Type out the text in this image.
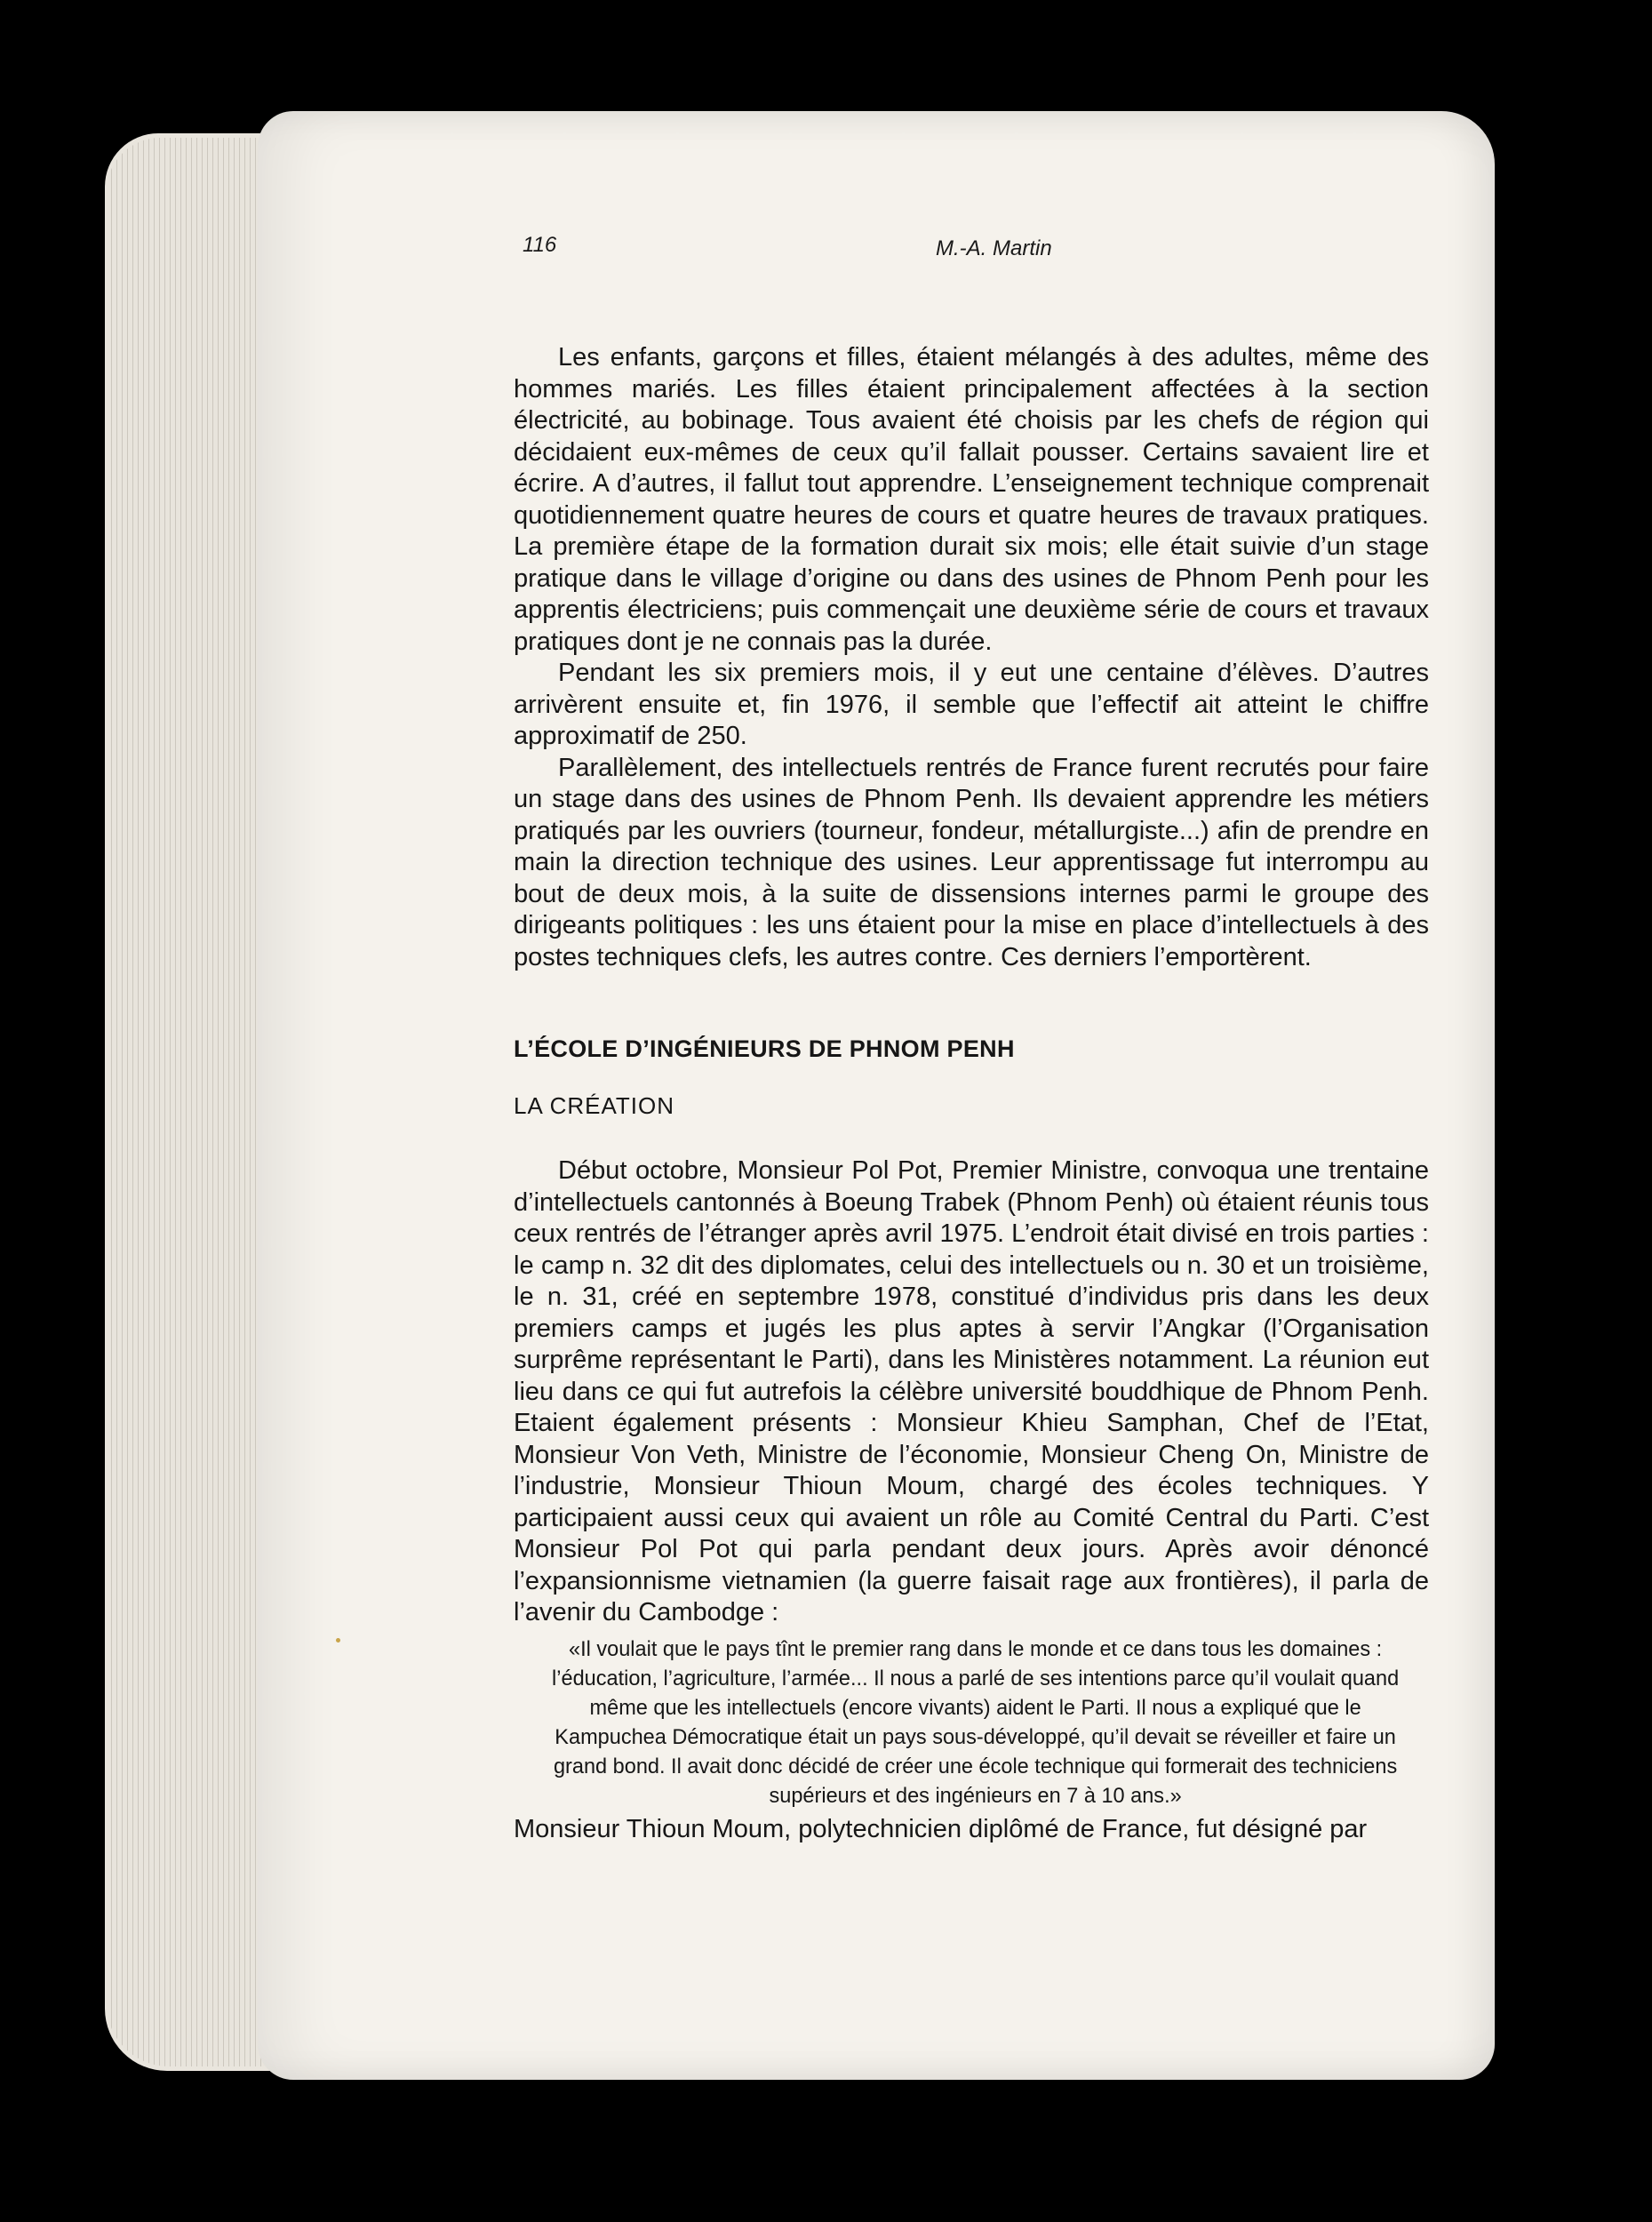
116	M.-A. Martin

Les enfants, garçons et filles, étaient mélangés à des adultes, même des hommes mariés. Les filles étaient principalement affectées à la section électricité, au bobinage. Tous avaient été choisis par les chefs de région qui décidaient eux-mêmes de ceux qu’il fallait pousser. Certains savaient lire et écrire. A d’autres, il fallut tout apprendre. L’enseignement technique comprenait quotidiennement quatre heures de cours et quatre heures de travaux pratiques. La première étape de la formation durait six mois; elle était suivie d’un stage pratique dans le village d’origine ou dans des usines de Phnom Penh pour les apprentis électriciens; puis commençait une deuxième série de cours et travaux pratiques dont je ne connais pas la durée.

Pendant les six premiers mois, il y eut une centaine d’élèves. D’autres arrivèrent ensuite et, fin 1976, il semble que l’effectif ait atteint le chiffre approximatif de 250.

Parallèlement, des intellectuels rentrés de France furent recrutés pour faire un stage dans des usines de Phnom Penh. Ils devaient apprendre les métiers pratiqués par les ouvriers (tourneur, fondeur, métallurgiste...) afin de prendre en main la direction technique des usines. Leur apprentissage fut interrompu au bout de deux mois, à la suite de dissensions internes parmi le groupe des dirigeants politiques : les uns étaient pour la mise en place d’intellectuels à des postes techniques clefs, les autres contre. Ces derniers l’emportèrent.

L’ÉCOLE D’INGÉNIEURS DE PHNOM PENH
LA CRÉATION

Début octobre, Monsieur Pol Pot, Premier Ministre, convoqua une trentaine d’intellectuels cantonnés à Boeung Trabek (Phnom Penh) où étaient réunis tous ceux rentrés de l’étranger après avril 1975. L’endroit était divisé en trois parties : le camp n. 32 dit des diplomates, celui des intellectuels ou n. 30 et un troisième, le n. 31, créé en septembre 1978, constitué d’individus pris dans les deux premiers camps et jugés les plus aptes à servir l’Angkar (l’Organisation surprême représentant le Parti), dans les Ministères notamment. La réunion eut lieu dans ce qui fut autrefois la célèbre université bouddhique de Phnom Penh. Etaient également présents : Monsieur Khieu Samphan, Chef de l’Etat, Monsieur Von Veth, Ministre de l’économie, Monsieur Cheng On, Ministre de l’industrie, Monsieur Thioun Moum, chargé des écoles techniques. Y participaient aussi ceux qui avaient un rôle au Comité Central du Parti. C’est Monsieur Pol Pot qui parla pendant deux jours. Après avoir dénoncé l’expansionnisme vietnamien (la guerre faisait rage aux frontières), il parla de l’avenir du Cambodge :

«Il voulait que le pays tînt le premier rang dans le monde et ce dans tous les domaines : l’éducation, l’agriculture, l’armée... Il nous a parlé de ses intentions parce qu’il voulait quand même que les intellectuels (encore vivants) aident le Parti. Il nous a expliqué que le Kampuchea Démocratique était un pays sous-développé, qu’il devait se réveiller et faire un grand bond. Il avait donc décidé de créer une école technique qui formerait des techniciens supérieurs et des ingénieurs en 7 à 10 ans.»

Monsieur Thioun Moum, polytechnicien diplômé de France, fut désigné par
